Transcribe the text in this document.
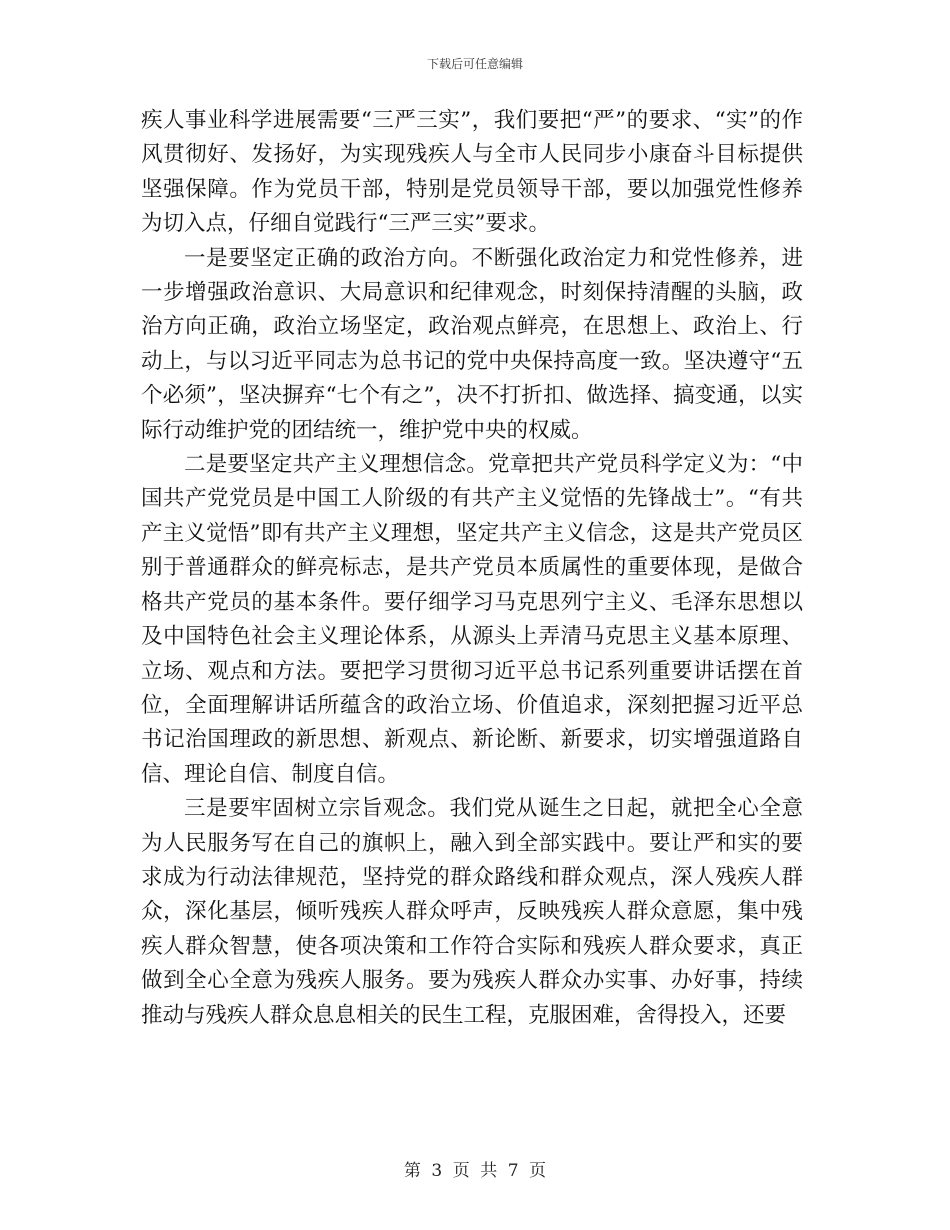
下载后可任意编辑

疾人事业科学进展需要“三严三实”，我们要把“严”的要求、“实”的作风贯彻好、发扬好，为实现残疾人与全市人民同步小康奋斗目标提供坚强保障。作为党员干部，特别是党员领导干部，要以加强党性修养为切入点，仔细自觉践行“三严三实”要求。

一是要坚定正确的政治方向。不断强化政治定力和党性修养，进一步增强政治意识、大局意识和纪律观念，时刻保持清醒的头脑，政治方向正确，政治立场坚定，政治观点鲜亮，在思想上、政治上、行动上，与以习近平同志为总书记的党中央保持高度一致。坚决遵守“五个必须”，坚决摒弃“七个有之”，决不打折扣、做选择、搞变通，以实际行动维护党的团结统一，维护党中央的权威。

二是要坚定共产主义理想信念。党章把共产党员科学定义为：“中国共产党党员是中国工人阶级的有共产主义觉悟的先锋战士”。“有共产主义觉悟”即有共产主义理想，坚定共产主义信念，这是共产党员区别于普通群众的鲜亮标志，是共产党员本质属性的重要体现，是做合格共产党员的基本条件。要仔细学习马克思列宁主义、毛泽东思想以及中国特色社会主义理论体系，从源头上弄清马克思主义基本原理、立场、观点和方法。要把学习贯彻习近平总书记系列重要讲话摆在首位，全面理解讲话所蕴含的政治立场、价值追求，深刻把握习近平总书记治国理政的新思想、新观点、新论断、新要求，切实增强道路自信、理论自信、制度自信。

三是要牢固树立宗旨观念。我们党从诞生之日起，就把全心全意为人民服务写在自己的旗帜上，融入到全部实践中。要让严和实的要求成为行动法律规范，坚持党的群众路线和群众观点，深人残疾人群众，深化基层，倾听残疾人群众呼声，反映残疾人群众意愿，集中残疾人群众智慧，使各项决策和工作符合实际和残疾人群众要求，真正做到全心全意为残疾人服务。要为残疾人群众办实事、办好事，持续推动与残疾人群众息息相关的民生工程，克服困难，舍得投入，还要

第 3 页 共 7 页
